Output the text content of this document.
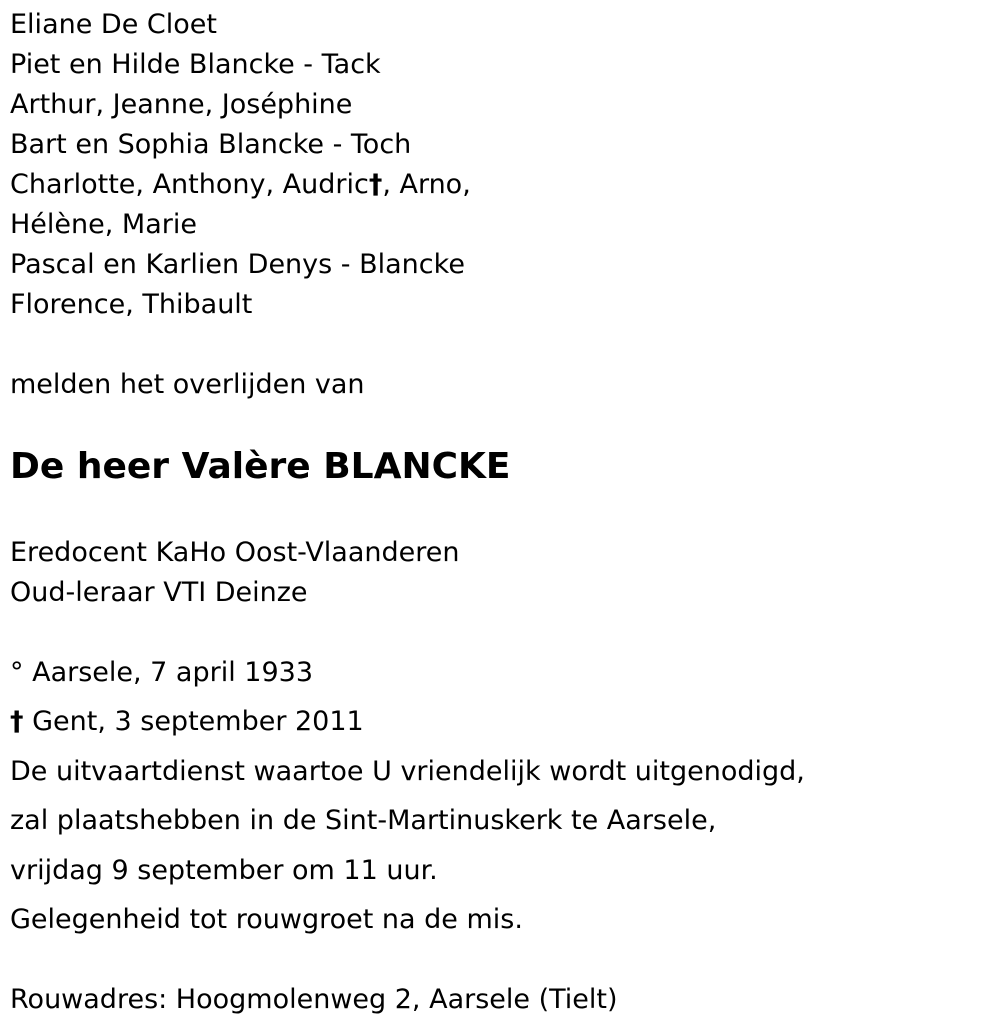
Eliane De Cloet

Piet en Hilde Blancke - Tack

Arthur, Jeanne, Joséphine

Bart en Sophia Blancke - Toch

Charlotte, Anthony, Audric†, Arno,

Hélène, Marie

Pascal en Karlien Denys - Blancke

Florence, Thibault

melden het overlijden van

De heer Valère BLANCKE

Eredocent KaHo Oost-Vlaanderen

Oud-leraar VTI Deinze

° Aarsele, 7 april 1933

† Gent, 3 september 2011

De uitvaartdienst waartoe U vriendelijk wordt uitgenodigd,

zal plaatshebben in de Sint-Martinuskerk te Aarsele,

vrijdag 9 september om 11 uur.

Gelegenheid tot rouwgroet na de mis.

Rouwadres: Hoogmolenweg 2, Aarsele (Tielt)
